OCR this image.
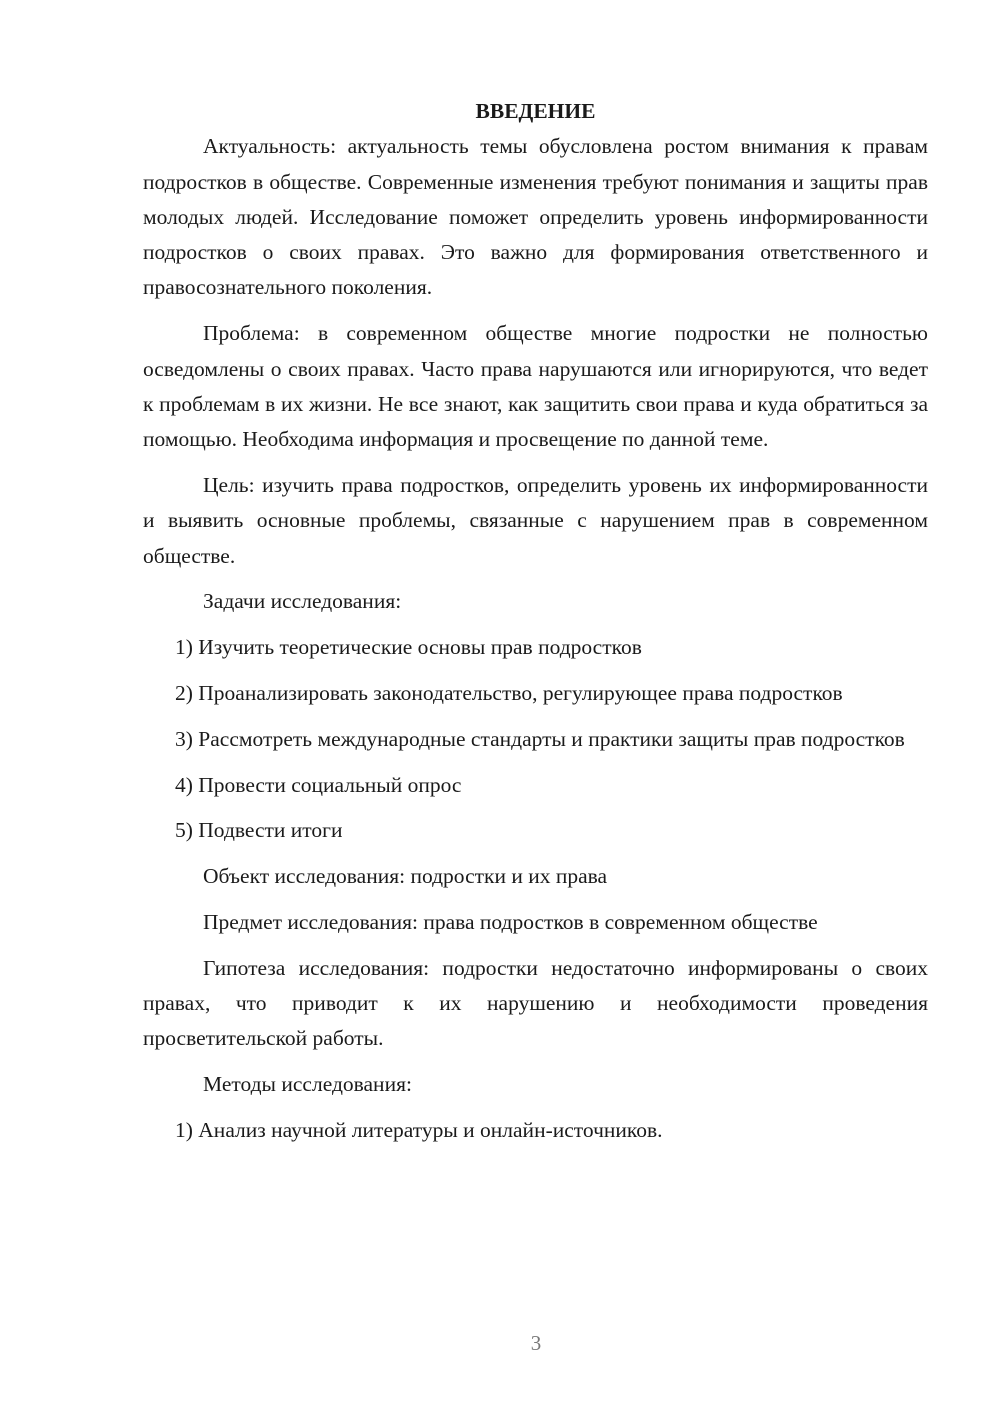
ВВЕДЕНИЕ

Актуальность: актуальность темы обусловлена ростом внимания к правам подростков в обществе. Современные изменения требуют понимания и защиты прав молодых людей. Исследование поможет определить уровень информированности подростков о своих правах. Это важно для формирования ответственного и правосознательного поколения.

Проблема: в современном обществе многие подростки не полностью осведомлены о своих правах. Часто права нарушаются или игнорируются, что ведет к проблемам в их жизни. Не все знают, как защитить свои права и куда обратиться за помощью. Необходима информация и просвещение по данной теме.

Цель: изучить права подростков, определить уровень их информированности и выявить основные проблемы, связанные с нарушением прав в современном обществе.

Задачи исследования:

1) Изучить теоретические основы прав подростков

2) Проанализировать законодательство, регулирующее права подростков

3) Рассмотреть международные стандарты и практики защиты прав подростков

4) Провести социальный опрос

5) Подвести итоги

Объект исследования: подростки и их права

Предмет исследования: права подростков в современном обществе

Гипотеза исследования: подростки недостаточно информированы о своих правах, что приводит к их нарушению и необходимости проведения просветительской работы.

Методы исследования:

1) Анализ научной литературы и онлайн-источников.

3
